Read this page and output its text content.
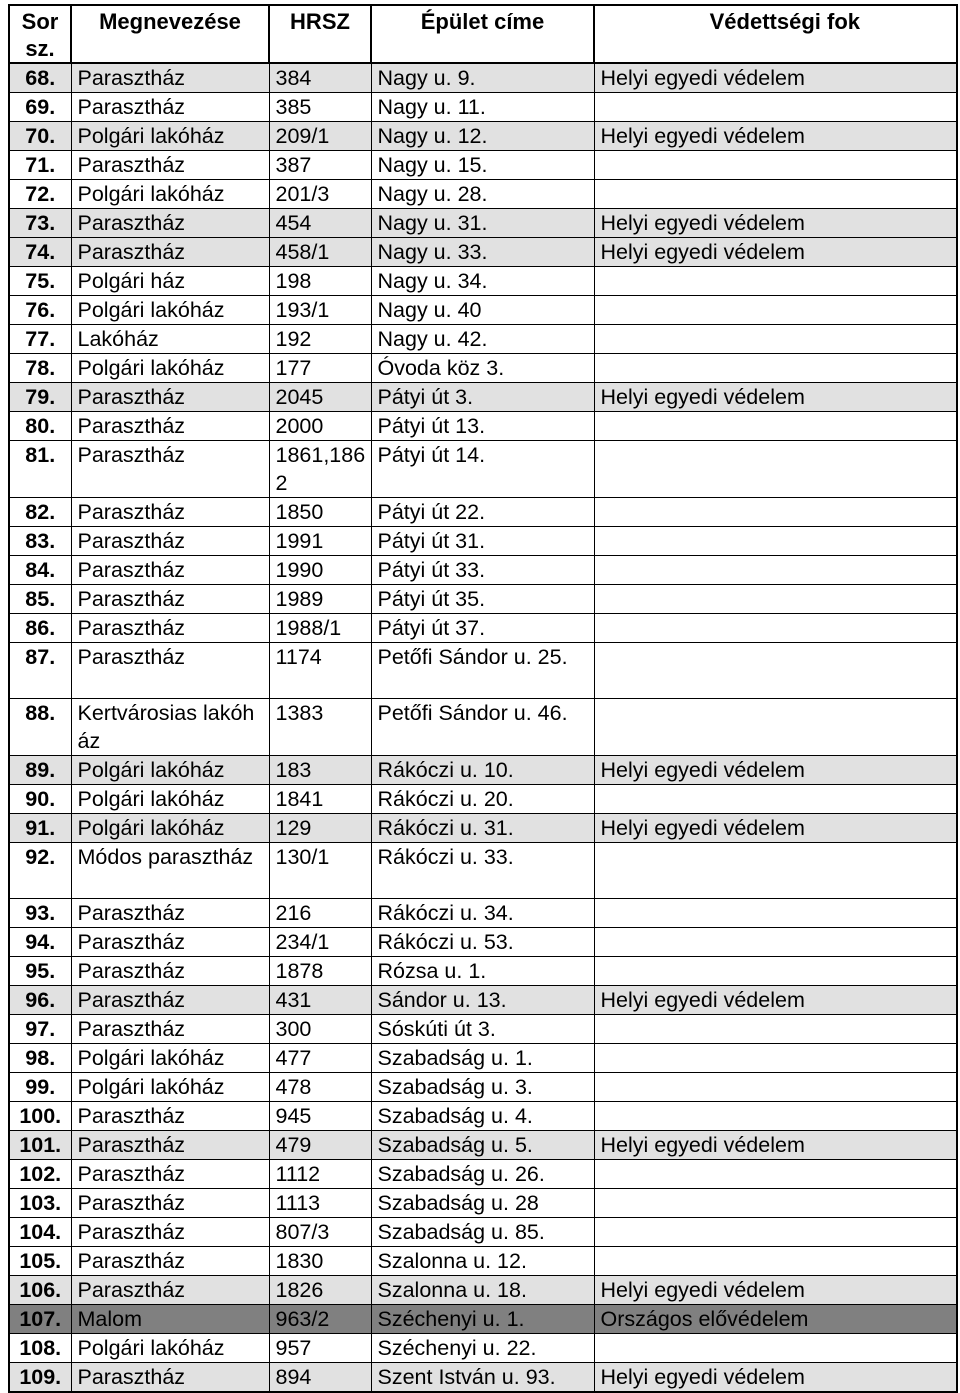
Sor sz.	Megnevezése	HRSZ	Épület címe	Védettségi fok
68.	Parasztház	384	Nagy u. 9.	Helyi egyedi védelem
69.	Parasztház	385	Nagy u. 11.	
70.	Polgári lakóház	209/1	Nagy u. 12.	Helyi egyedi védelem
71.	Parasztház	387	Nagy u. 15.	
72.	Polgári lakóház	201/3	Nagy u. 28.	
73.	Parasztház	454	Nagy u. 31.	Helyi egyedi védelem
74.	Parasztház	458/1	Nagy u. 33.	Helyi egyedi védelem
75.	Polgári ház	198	Nagy u. 34.	
76.	Polgári lakóház	193/1	Nagy u. 40	
77.	Lakóház	192	Nagy u. 42.	
78.	Polgári lakóház	177	Óvoda köz 3.	
79.	Parasztház	2045	Pátyi út 3.	Helyi egyedi védelem
80.	Parasztház	2000	Pátyi út 13.	
81.	Parasztház	1861,1862	Pátyi út 14.	
82.	Parasztház	1850	Pátyi út 22.	
83.	Parasztház	1991	Pátyi út 31.	
84.	Parasztház	1990	Pátyi út 33.	
85.	Parasztház	1989	Pátyi út 35.	
86.	Parasztház	1988/1	Pátyi út 37.	
87.	Parasztház	1174	Petőfi Sándor u. 25.	
88.	Kertvárosias lakóház	1383	Petőfi Sándor u. 46.	
89.	Polgári lakóház	183	Rákóczi u. 10.	Helyi egyedi védelem
90.	Polgári lakóház	1841	Rákóczi u. 20.	
91.	Polgári lakóház	129	Rákóczi u. 31.	Helyi egyedi védelem
92.	Módos parasztház	130/1	Rákóczi u. 33.	
93.	Parasztház	216	Rákóczi u. 34.	
94.	Parasztház	234/1	Rákóczi u. 53.	
95.	Parasztház	1878	Rózsa u. 1.	
96.	Parasztház	431	Sándor u. 13.	Helyi egyedi védelem
97.	Parasztház	300	Sóskúti út 3.	
98.	Polgári lakóház	477	Szabadság u. 1.	
99.	Polgári lakóház	478	Szabadság u. 3.	
100.	Parasztház	945	Szabadság u. 4.	
101.	Parasztház	479	Szabadság u. 5.	Helyi egyedi védelem
102.	Parasztház	1112	Szabadság u. 26.	
103.	Parasztház	1113	Szabadság u. 28	
104.	Parasztház	807/3	Szabadság u. 85.	
105.	Parasztház	1830	Szalonna u. 12.	
106.	Parasztház	1826	Szalonna u. 18.	Helyi egyedi védelem
107.	Malom	963/2	Széchenyi u. 1.	Országos elővédelem
108.	Polgári lakóház	957	Széchenyi u. 22.	
109.	Parasztház	894	Szent István u. 93.	Helyi egyedi védelem
